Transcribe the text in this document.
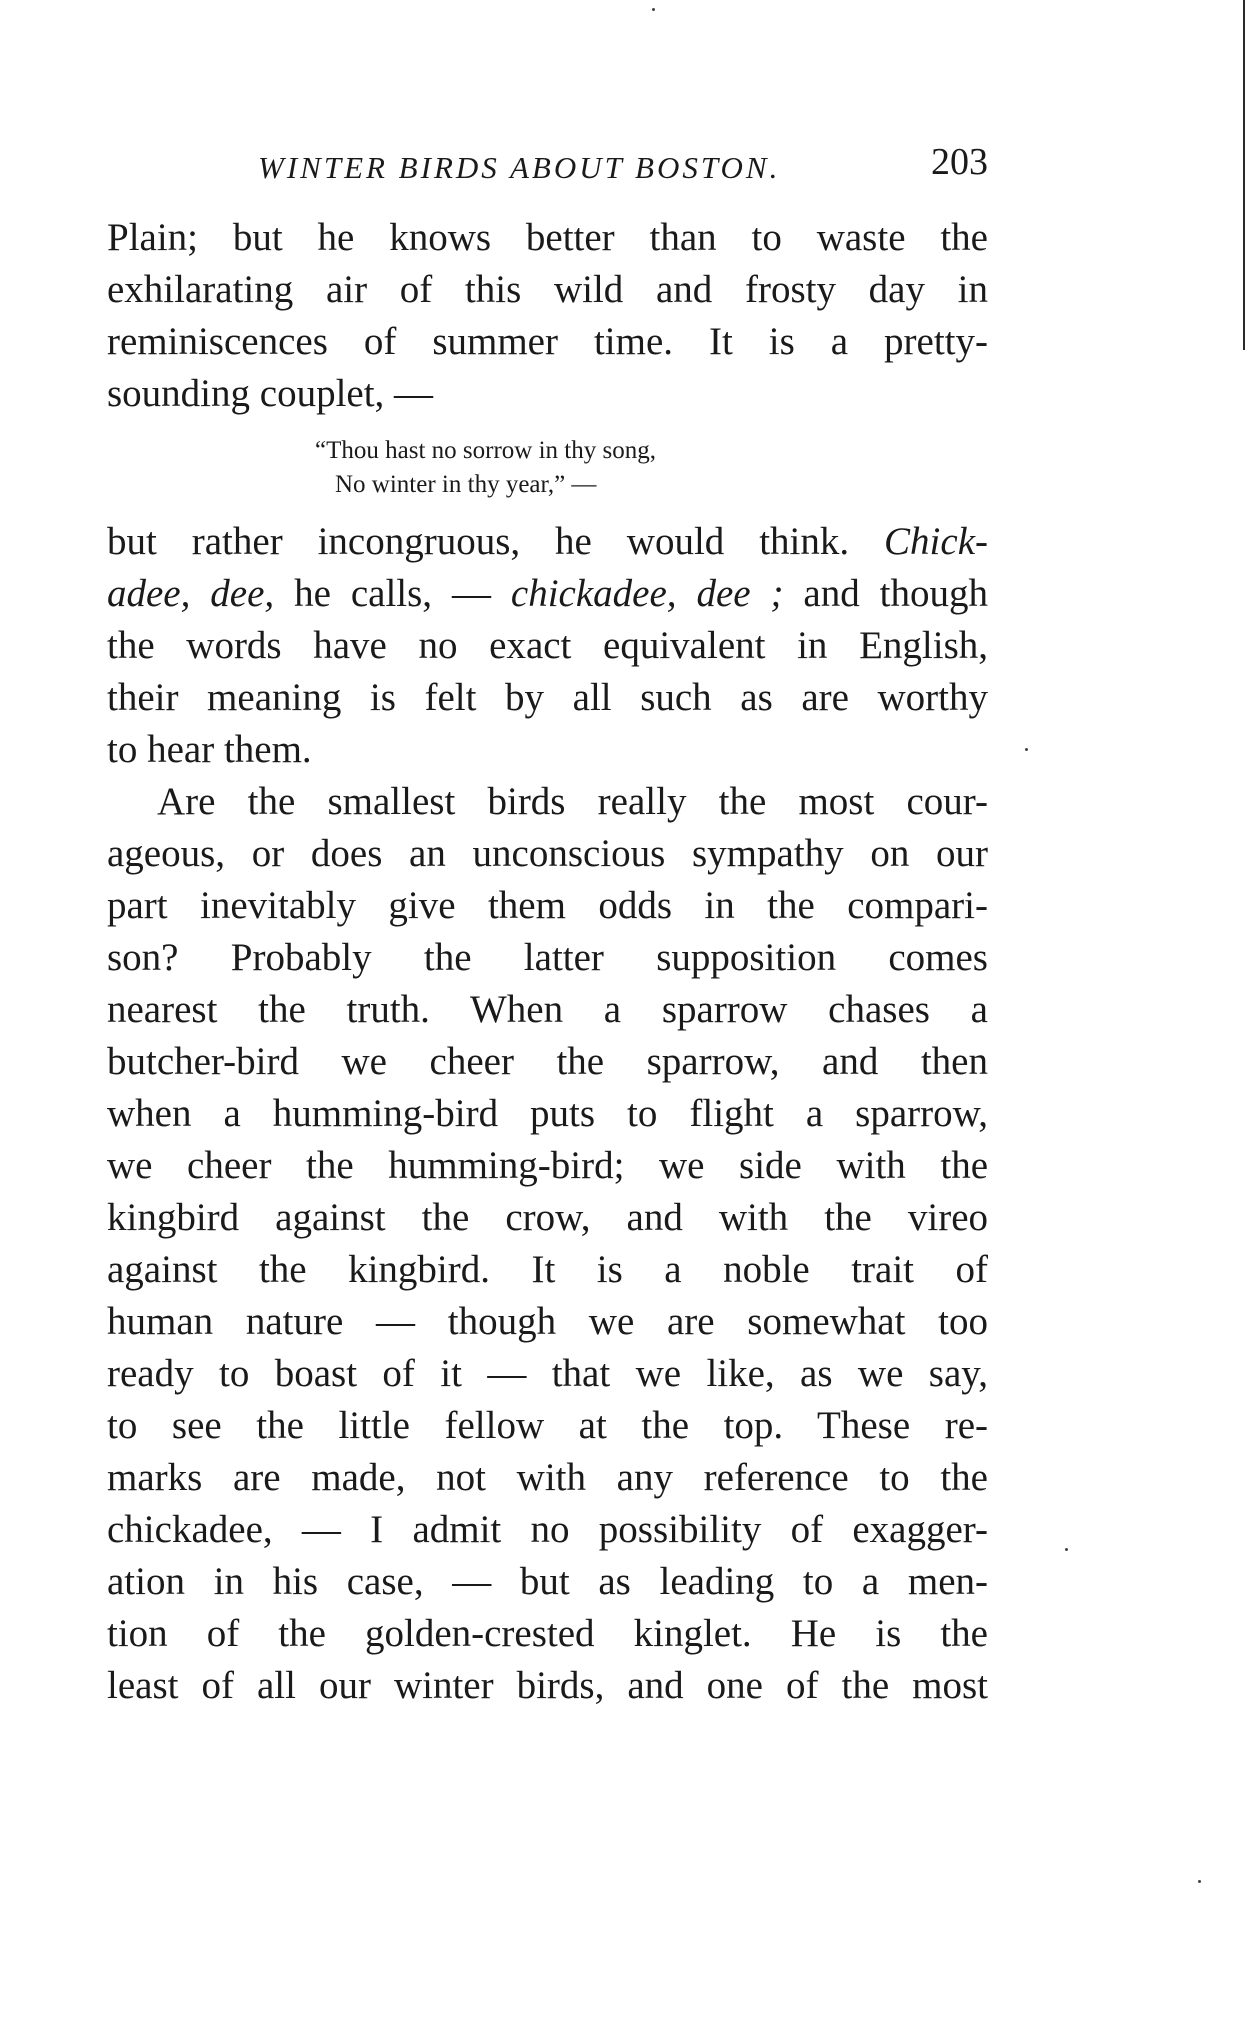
WINTER BIRDS ABOUT BOSTON.	203
Plain; but he knows better than to waste the
exhilarating air of this wild and frosty day in
reminiscences of summer time. It is a pretty-
sounding couplet, —
“Thou hast no sorrow in thy song,
No winter in thy year,” —
but rather incongruous, he would think. Chick-
adee, dee, he calls, — chickadee, dee ; and though
the words have no exact equivalent in English,
their meaning is felt by all such as are worthy
to hear them.
Are the smallest birds really the most cour-
ageous, or does an unconscious sympathy on our
part inevitably give them odds in the compari-
son? Probably the latter supposition comes
nearest the truth. When a sparrow chases a
butcher-bird we cheer the sparrow, and then
when a humming-bird puts to flight a sparrow,
we cheer the humming-bird; we side with the
kingbird against the crow, and with the vireo
against the kingbird. It is a noble trait of
human nature — though we are somewhat too
ready to boast of it — that we like, as we say,
to see the little fellow at the top. These re-
marks are made, not with any reference to the
chickadee, — I admit no possibility of exagger-
ation in his case, — but as leading to a men-
tion of the golden-crested kinglet. He is the
least of all our winter birds, and one of the most
